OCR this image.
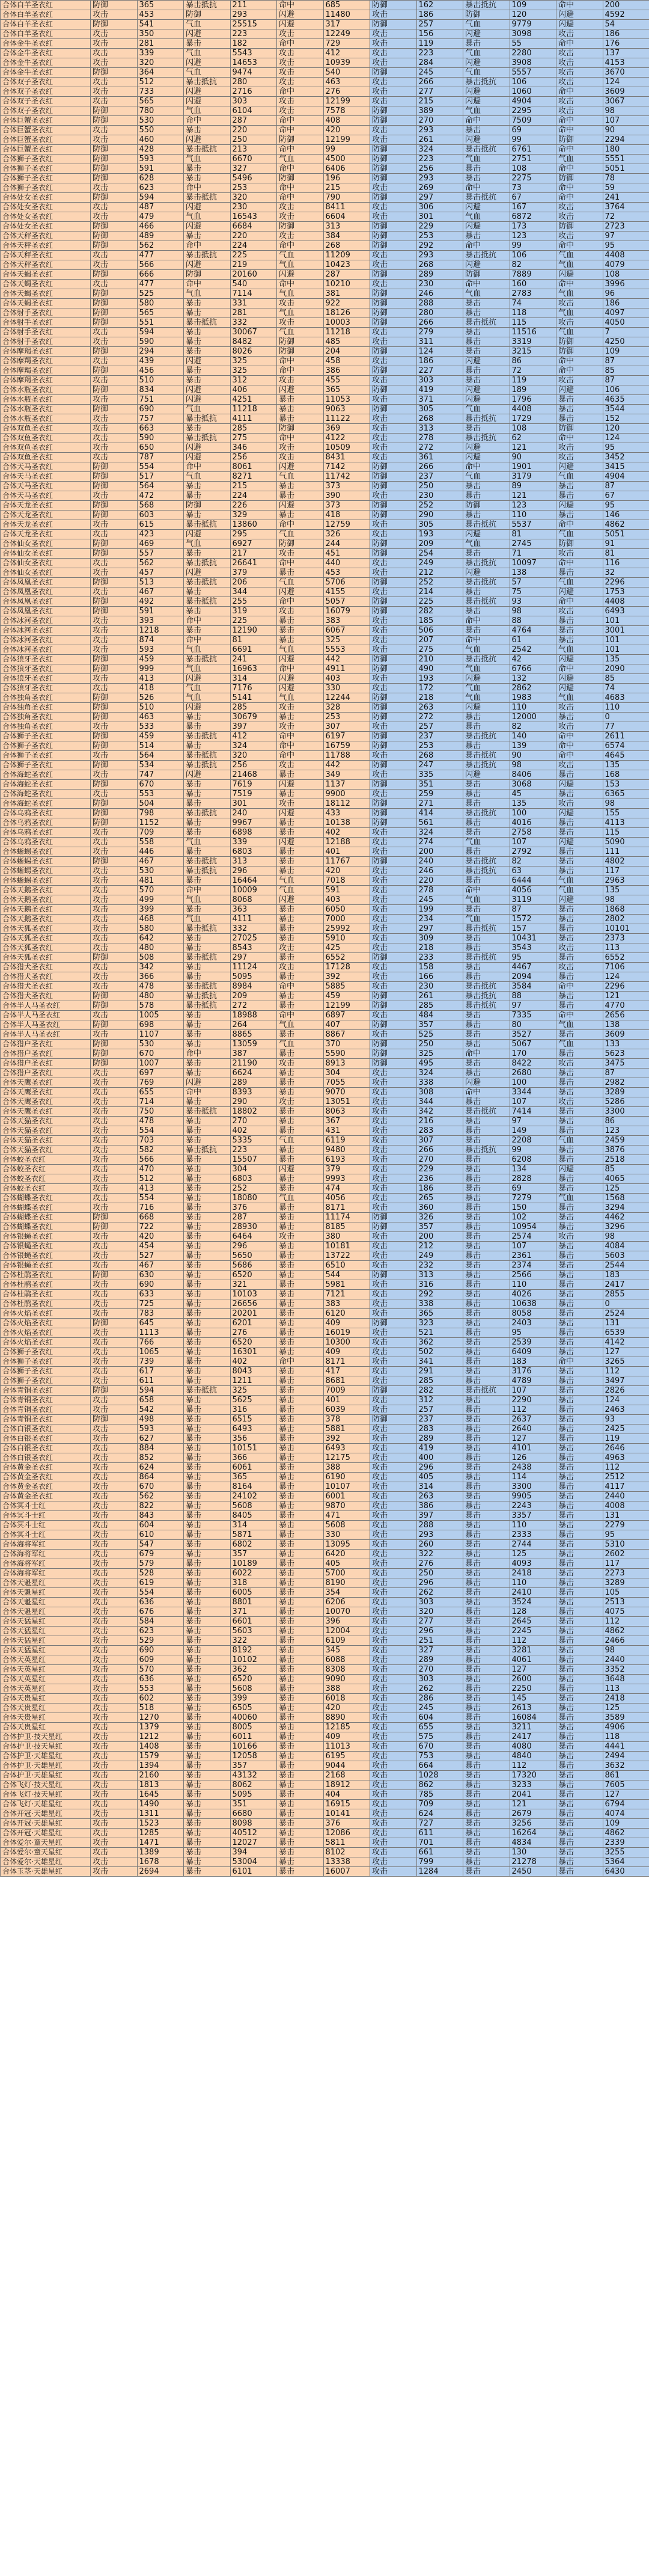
合体白羊圣衣红	防御	365	暴击抵抗	211	命中	685	防御	162	暴击抵抗	109	命中	200
合体白羊圣衣红	攻击	453	防御	293	闪避	11480	攻击	186	防御	120	闪避	4592
合体白羊圣衣红	防御	541	气血	25515	闪避	317	防御	257	气血	9779	闪避	54
合体白羊圣衣红	攻击	350	闪避	223	攻击	12249	攻击	156	闪避	3098	攻击	186
合体金牛圣衣红	攻击	281	暴击	182	命中	729	攻击	119	暴击	55	命中	176
合体金牛圣衣红	攻击	339	气血	5543	攻击	412	攻击	223	气血	2280	攻击	137
合体金牛圣衣红	攻击	320	闪避	14653	攻击	10939	攻击	284	闪避	3908	攻击	4153
合体金牛圣衣红	防御	364	气血	9474	攻击	540	防御	245	气血	5557	攻击	3670
合体双子圣衣红	攻击	512	暴击抵抗	280	攻击	463	攻击	266	暴击抵抗	106	攻击	124
合体双子圣衣红	攻击	733	闪避	2716	命中	276	攻击	277	闪避	1060	命中	3609
合体双子圣衣红	攻击	565	闪避	303	攻击	12199	攻击	215	闪避	4904	攻击	3067
合体双子圣衣红	防御	780	气血	6104	攻击	7578	防御	389	气血	2295	攻击	98
合体巨蟹圣衣红	防御	530	命中	287	命中	408	防御	270	命中	7509	命中	107
合体巨蟹圣衣红	攻击	550	暴击	220	命中	420	攻击	293	暴击	69	命中	90
合体巨蟹圣衣红	攻击	460	闪避	250	防御	12199	攻击	261	闪避	99	防御	2294
合体巨蟹圣衣红	防御	428	暴击抵抗	213	命中	99	防御	324	暴击抵抗	6761	命中	180
合体狮子圣衣红	防御	593	气血	6670	气血	4500	防御	223	气血	2751	气血	5551
合体狮子圣衣红	防御	591	暴击	327	命中	6406	防御	256	暴击	108	命中	5051
合体狮子圣衣红	防御	628	暴击	5496	防御	196	防御	293	暴击	2275	防御	78
合体狮子圣衣红	攻击	623	命中	253	命中	215	攻击	269	命中	73	命中	59
合体处女圣衣红	防御	594	暴击抵抗	320	命中	790	防御	297	暴击抵抗	67	命中	241
合体处女圣衣红	攻击	487	闪避	230	攻击	8411	攻击	306	闪避	167	攻击	3764
合体处女圣衣红	攻击	479	气血	16543	攻击	6604	攻击	301	气血	6872	攻击	72
合体处女圣衣红	防御	466	闪避	6684	防御	313	防御	229	闪避	173	防御	2723
合体天秤圣衣红	防御	489	暴击	220	攻击	384	防御	253	暴击	123	攻击	97
合体天秤圣衣红	防御	562	命中	224	命中	268	防御	292	命中	99	命中	95
合体天秤圣衣红	攻击	477	暴击抵抗	225	气血	11209	攻击	293	暴击抵抗	106	气血	4408
合体天秤圣衣红	攻击	566	闪避	219	气血	10423	攻击	268	闪避	82	气血	4079
合体天蝎圣衣红	防御	666	防御	20160	闪避	287	防御	289	防御	7889	闪避	108
合体天蝎圣衣红	攻击	477	命中	540	命中	10210	攻击	230	命中	160	命中	3996
合体天蝎圣衣红	防御	525	气血	7114	气血	381	防御	246	气血	2783	气血	96
合体天蝎圣衣红	防御	580	暴击	331	攻击	922	防御	288	暴击	74	攻击	186
合体射手圣衣红	防御	565	暴击	281	气血	18126	防御	280	暴击	118	气血	4097
合体射手圣衣红	防御	551	暴击抵抗	332	攻击	10003	防御	266	暴击抵抗	115	攻击	4050
合体射手圣衣红	攻击	594	暴击	30067	气血	11218	攻击	279	暴击	11516	气血	7
合体射手圣衣红	攻击	590	暴击	8482	防御	485	攻击	311	暴击	3319	防御	4250
合体摩羯圣衣红	防御	294	暴击	8026	防御	204	防御	124	暴击	3215	防御	109
合体摩羯圣衣红	攻击	439	闪避	325	命中	458	攻击	186	闪避	86	命中	87
合体摩羯圣衣红	防御	456	暴击	325	命中	386	防御	227	暴击	72	命中	85
合体摩羯圣衣红	攻击	510	暴击	312	攻击	455	攻击	303	暴击	119	攻击	87
合体水瓶圣衣红	防御	834	闪避	406	闪避	365	防御	419	闪避	189	闪避	106
合体水瓶圣衣红	攻击	751	闪避	4251	暴击	11053	攻击	371	闪避	1796	暴击	4635
合体水瓶圣衣红	防御	690	气血	11218	暴击	9063	防御	305	气血	4408	暴击	3544
合体水瓶圣衣红	攻击	757	暴击抵抗	4111	暴击	11122	攻击	268	暴击抵抗	1729	暴击	152
合体双鱼圣衣红	攻击	663	暴击	285	防御	369	攻击	313	暴击	108	防御	120
合体双鱼圣衣红	攻击	590	暴击抵抗	275	命中	4122	攻击	278	暴击抵抗	62	命中	124
合体双鱼圣衣红	攻击	650	闪避	346	攻击	10509	攻击	272	闪避	121	攻击	95
合体双鱼圣衣红	攻击	787	闪避	256	攻击	8431	攻击	361	闪避	90	攻击	3452
合体天马圣衣红	防御	554	命中	8061	闪避	7142	防御	266	命中	1901	闪避	3415
合体天马圣衣红	防御	517	气血	8271	气血	11742	防御	237	气血	3179	气血	4904
合体天马圣衣红	防御	564	暴击	215	暴击	373	防御	250	暴击	89	暴击	87
合体天马圣衣红	攻击	472	暴击	224	暴击	390	攻击	230	暴击	121	暴击	67
合体天龙圣衣红	防御	568	防御	226	闪避	373	防御	252	防御	123	闪避	95
合体天龙圣衣红	防御	603	暴击	329	暴击	418	防御	290	暴击	110	暴击	146
合体天龙圣衣红	攻击	615	暴击抵抗	13860	命中	12759	攻击	305	暴击抵抗	5537	命中	4862
合体天龙圣衣红	攻击	423	闪避	295	气血	326	攻击	193	闪避	81	气血	5051
合体仙女圣衣红	防御	469	气血	6927	防御	244	防御	209	气血	2745	防御	91
合体仙女圣衣红	防御	557	暴击	217	攻击	451	防御	254	暴击	71	攻击	81
合体仙女圣衣红	攻击	562	暴击抵抗	26641	命中	440	攻击	249	暴击抵抗	10097	命中	116
合体仙女圣衣红	攻击	457	闪避	379	暴击	453	攻击	212	闪避	138	暴击	32
合体凤凰圣衣红	防御	513	暴击抵抗	206	气血	5706	防御	252	暴击抵抗	57	气血	2296
合体凤凰圣衣红	攻击	467	暴击	344	闪避	4155	攻击	214	暴击	75	闪避	1753
合体凤凰圣衣红	防御	492	暴击抵抗	255	命中	5057	防御	225	暴击抵抗	93	命中	4408
合体凤凰圣衣红	防御	591	暴击	319	攻击	16079	防御	282	暴击	98	攻击	6493
合体冰河圣衣红	攻击	393	命中	225	暴击	383	攻击	185	命中	88	暴击	101
合体冰河圣衣红	攻击	1218	暴击	12190	暴击	6067	攻击	506	暴击	4764	暴击	3001
合体冰河圣衣红	攻击	874	命中	81	暴击	325	攻击	207	命中	61	暴击	101
合体冰河圣衣红	攻击	593	气血	6691	气血	5553	攻击	275	气血	2542	气血	101
合体狼牙圣衣红	防御	459	暴击抵抗	241	闪避	442	防御	210	暴击抵抗	42	闪避	135
合体狼牙圣衣红	防御	999	气血	16963	命中	4911	防御	490	气血	6766	命中	2090
合体狼牙圣衣红	攻击	413	闪避	314	闪避	403	攻击	193	闪避	132	闪避	85
合体狼牙圣衣红	攻击	418	气血	7176	闪避	330	攻击	172	气血	2862	闪避	74
合体独角圣衣红	防御	526	气血	5141	气血	12244	防御	218	气血	1983	气血	4683
合体独角圣衣红	防御	510	闪避	285	攻击	328	防御	263	闪避	110	攻击	110
合体独角圣衣红	防御	463	暴击	30679	暴击	253	防御	272	暴击	12000	暴击	0
合体独角圣衣红	攻击	533	暴击	397	攻击	307	攻击	257	暴击	82	攻击	77
合体狮子圣衣红	防御	459	暴击抵抗	412	命中	6197	防御	237	暴击抵抗	140	命中	2611
合体狮子圣衣红	防御	514	暴击	324	命中	16759	防御	253	暴击	139	命中	6574
合体狮子圣衣红	攻击	564	暴击抵抗	320	命中	11788	攻击	268	暴击抵抗	90	命中	4645
合体狮子圣衣红	防御	534	暴击抵抗	256	攻击	442	防御	247	暴击抵抗	98	攻击	135
合体海蛇圣衣红	攻击	747	闪避	21468	暴击	349	攻击	335	闪避	8406	暴击	168
合体海蛇圣衣红	防御	670	暴击	7619	闪避	1137	防御	351	暴击	3068	闪避	153
合体海蛇圣衣红	攻击	553	暴击	7519	暴击	9900	攻击	259	暴击	45	暴击	6365
合体海蛇圣衣红	防御	504	暴击	301	攻击	18112	防御	271	暴击	135	攻击	98
合体乌鸦圣衣红	防御	798	暴击抵抗	240	闪避	433	防御	414	暴击抵抗	100	闪避	155
合体乌鸦圣衣红	防御	1152	暴击	9967	暴击	10138	防御	561	暴击	4016	暴击	4113
合体乌鸦圣衣红	攻击	709	暴击	6898	暴击	402	攻击	324	暴击	2758	暴击	115
合体乌鸦圣衣红	攻击	558	气血	339	闪避	12188	攻击	274	气血	107	闪避	5090
合体蜥蜴圣衣红	攻击	446	暴击	6803	暴击	401	攻击	200	暴击	2792	暴击	111
合体蜥蜴圣衣红	防御	467	暴击抵抗	313	暴击	11767	防御	240	暴击抵抗	82	暴击	4802
合体蜥蜴圣衣红	攻击	530	暴击抵抗	296	暴击	420	攻击	246	暴击抵抗	63	暴击	117
合体蜥蜴圣衣红	攻击	481	暴击	16464	气血	7018	攻击	220	暴击	6444	气血	2963
合体天鹅圣衣红	攻击	570	命中	10009	气血	591	攻击	278	命中	4056	气血	135
合体天鹅圣衣红	攻击	499	气血	8068	闪避	403	攻击	245	气血	3119	闪避	98
合体天鹅圣衣红	攻击	399	暴击	363	暴击	6050	攻击	199	暴击	87	暴击	1868
合体天鹅圣衣红	攻击	468	气血	4111	暴击	7000	攻击	234	气血	1572	暴击	2802
合体天狐圣衣红	攻击	580	暴击抵抗	332	暴击	25992	攻击	297	暴击抵抗	157	暴击	10101
合体天狐圣衣红	攻击	642	暴击	27025	暴击	5910	攻击	309	暴击	10431	暴击	2373
合体天狐圣衣红	攻击	480	暴击	8543	攻击	425	攻击	218	暴击	3543	攻击	113
合体天狐圣衣红	防御	508	暴击抵抗	297	暴击	6552	防御	233	暴击抵抗	95	暴击	6552
合体猎犬圣衣红	攻击	342	暴击	11124	攻击	17128	攻击	158	暴击	4467	攻击	7106
合体猎犬圣衣红	攻击	366	暴击	5095	暴击	392	攻击	166	暴击	2094	暴击	124
合体猎犬圣衣红	攻击	478	暴击抵抗	8984	命中	5885	攻击	230	暴击抵抗	3584	命中	2296
合体猎犬圣衣红	防御	480	暴击抵抗	209	暴击	459	防御	261	暴击抵抗	88	暴击	121
合体半人马圣衣红	防御	578	暴击抵抗	272	暴击	12199	防御	285	暴击抵抗	97	暴击	4770
合体半人马圣衣红	攻击	1005	暴击	18988	命中	6897	攻击	484	暴击	7335	命中	2656
合体半人马圣衣红	防御	698	暴击	264	气血	407	防御	357	暴击	80	气血	138
合体半人马圣衣红	攻击	1107	暴击	8865	暴击	8867	攻击	525	暴击	3527	暴击	3609
合体猎户圣衣红	防御	530	暴击	13059	气血	370	防御	250	暴击	5067	气血	133
合体猎户圣衣红	防御	670	命中	387	暴击	5590	防御	325	命中	170	暴击	5623
合体猎户圣衣红	防御	1007	暴击	21190	攻击	8913	防御	495	暴击	8422	攻击	3475
合体猎户圣衣红	攻击	697	暴击	6624	暴击	304	攻击	324	暴击	2680	暴击	87
合体天鹰圣衣红	攻击	769	闪避	289	暴击	7055	攻击	338	闪避	100	暴击	2982
合体天鹰圣衣红	攻击	655	命中	8393	暴击	9070	攻击	308	命中	3344	暴击	3289
合体天鹰圣衣红	攻击	714	暴击	290	攻击	13051	攻击	344	暴击	107	攻击	5286
合体天鹰圣衣红	攻击	750	暴击抵抗	18802	暴击	8063	攻击	342	暴击抵抗	7414	暴击	3300
合体天猫圣衣红	攻击	478	暴击	270	暴击	367	攻击	216	暴击	97	暴击	86
合体天猫圣衣红	攻击	554	暴击	402	暴击	431	攻击	283	暴击	149	暴击	123
合体天猫圣衣红	攻击	703	暴击	5335	气血	6119	攻击	307	暴击	2208	气血	2459
合体天猫圣衣红	攻击	582	暴击抵抗	223	暴击	9480	攻击	266	暴击抵抗	99	暴击	3876
合体蛟圣衣红	攻击	566	暴击	15507	暴击	6193	攻击	270	暴击	6208	暴击	2518
合体蛟圣衣红	攻击	470	暴击	304	闪避	379	攻击	229	暴击	134	闪避	85
合体蛟圣衣红	攻击	512	暴击	6803	暴击	9993	攻击	236	暴击	2828	暴击	4065
合体蛟圣衣红	攻击	413	暴击	252	暴击	474	攻击	186	暴击	69	暴击	125
合体蝴蝶圣衣红	攻击	554	暴击	18080	气血	4056	攻击	265	暴击	7279	气血	1568
合体蝴蝶圣衣红	攻击	716	暴击	376	暴击	8171	攻击	360	暴击	150	暴击	3294
合体蝴蝶圣衣红	防御	668	暴击	287	暴击	11174	防御	326	暴击	102	暴击	4462
合体蝴蝶圣衣红	防御	722	暴击	28930	暴击	8185	防御	357	暴击	10954	暴击	3296
合体银蝇圣衣红	攻击	420	暴击	6464	攻击	380	攻击	200	暴击	2574	攻击	98
合体银蝇圣衣红	攻击	454	暴击	296	暴击	10181	攻击	212	暴击	107	暴击	4084
合体银蝇圣衣红	攻击	527	暴击	5650	暴击	13722	攻击	249	暴击	2361	暴击	5603
合体银蝇圣衣红	攻击	467	暴击	5686	暴击	6510	攻击	232	暴击	2374	暴击	2544
合体杜鹃圣衣红	防御	630	暴击	6520	暴击	544	防御	313	暴击	2566	暴击	183
合体杜鹃圣衣红	攻击	690	暴击	321	暴击	5981	攻击	316	暴击	110	暴击	2417
合体杜鹃圣衣红	攻击	633	暴击	10103	暴击	7121	攻击	292	暴击	4026	暴击	2855
合体杜鹃圣衣红	攻击	725	暴击	26656	暴击	383	攻击	338	暴击	10638	暴击	0
合体火焰圣衣红	攻击	783	暴击	20201	暴击	6120	攻击	365	暴击	8058	暴击	2524
合体火焰圣衣红	防御	645	暴击	6201	暴击	409	防御	323	暴击	2403	暴击	131
合体火焰圣衣红	攻击	1113	暴击	276	暴击	16019	攻击	521	暴击	95	暴击	6539
合体火焰圣衣红	攻击	766	暴击	6520	暴击	10300	攻击	362	暴击	2539	暴击	4142
合体狮子圣衣红	攻击	1065	暴击	16301	暴击	409	攻击	502	暴击	6409	暴击	127
合体狮子圣衣红	攻击	739	暴击	402	命中	8171	攻击	341	暴击	183	命中	3265
合体狮子圣衣红	攻击	617	暴击	8043	暴击	417	攻击	291	暴击	3176	暴击	112
合体狮子圣衣红	攻击	611	暴击	1211	暴击	8681	攻击	285	暴击	4789	暴击	3497
合体青铜圣衣红	防御	594	暴击抵抗	325	暴击	7009	防御	282	暴击抵抗	107	暴击	2826
合体青铜圣衣红	攻击	658	暴击	5625	暴击	401	攻击	312	暴击	2290	暴击	124
合体青铜圣衣红	攻击	542	暴击	316	暴击	6039	攻击	257	暴击	112	暴击	2463
合体青铜圣衣红	防御	498	暴击	6515	暴击	378	防御	237	暴击	2637	暴击	93
合体白银圣衣红	攻击	593	暴击	6493	暴击	5881	攻击	283	暴击	2640	暴击	2425
合体白银圣衣红	攻击	627	暴击	356	暴击	392	攻击	289	暴击	127	暴击	119
合体白银圣衣红	攻击	884	暴击	10151	暴击	6493	攻击	419	暴击	4101	暴击	2646
合体白银圣衣红	攻击	852	暴击	366	暴击	12175	攻击	400	暴击	126	暴击	4963
合体黄金圣衣红	攻击	624	暴击	6061	暴击	388	攻击	296	暴击	2438	暴击	112
合体黄金圣衣红	攻击	864	暴击	365	暴击	6190	攻击	405	暴击	114	暴击	2512
合体黄金圣衣红	攻击	670	暴击	8164	暴击	10107	攻击	314	暴击	3300	暴击	4117
合体黄金圣衣红	攻击	562	暴击	24102	暴击	6001	攻击	263	暴击	9905	暴击	2440
合体冥斗士红	攻击	822	暴击	5608	暴击	9870	攻击	386	暴击	2243	暴击	4008
合体冥斗士红	攻击	843	暴击	8405	暴击	471	攻击	397	暴击	3357	暴击	131
合体冥斗士红	攻击	604	暴击	314	暴击	5608	攻击	288	暴击	110	暴击	2279
合体冥斗士红	攻击	610	暴击	5871	暴击	330	攻击	293	暴击	2333	暴击	95
合体海将军红	攻击	547	暴击	6802	暴击	13095	攻击	260	暴击	2744	暴击	5310
合体海将军红	攻击	679	暴击	357	暴击	6420	攻击	322	暴击	125	暴击	2602
合体海将军红	攻击	579	暴击	10189	暴击	405	攻击	276	暴击	4093	暴击	117
合体海将军红	攻击	528	暴击	6022	暴击	5700	攻击	250	暴击	2418	暴击	2273
合体天魁星红	攻击	619	暴击	318	暴击	8190	攻击	296	暴击	110	暴击	3289
合体天魁星红	攻击	554	暴击	6005	暴击	354	攻击	262	暴击	2410	暴击	105
合体天魁星红	攻击	636	暴击	8801	暴击	6206	攻击	303	暴击	3524	暴击	2513
合体天魁星红	攻击	676	暴击	371	暴击	10070	攻击	320	暴击	128	暴击	4075
合体天猛星红	攻击	584	暴击	6601	暴击	396	攻击	277	暴击	2645	暴击	112
合体天猛星红	攻击	623	暴击	5603	暴击	12004	攻击	296	暴击	2245	暴击	4862
合体天猛星红	攻击	529	暴击	322	暴击	6109	攻击	251	暴击	112	暴击	2466
合体天猛星红	攻击	690	暴击	8192	暴击	345	攻击	327	暴击	3281	暴击	98
合体天英星红	攻击	609	暴击	10102	暴击	6088	攻击	289	暴击	4061	暴击	2440
合体天英星红	攻击	570	暴击	362	暴击	8308	攻击	270	暴击	127	暴击	3352
合体天英星红	攻击	636	暴击	6520	暴击	9090	攻击	303	暴击	2600	暴击	3648
合体天英星红	攻击	553	暴击	5608	暴击	388	攻击	262	暴击	2250	暴击	113
合体天贵星红	攻击	602	暴击	399	暴击	6018	攻击	286	暴击	145	暴击	2418
合体天贵星红	攻击	518	暴击	6505	暴击	420	攻击	245	暴击	2613	暴击	125
合体天贵星红	攻击	1270	暴击	40060	暴击	8890	攻击	604	暴击	16084	暴击	3589
合体天贵星红	攻击	1379	暴击	8005	暴击	12185	攻击	655	暴击	3211	暴击	4906
合体护卫·技天星红	攻击	1212	暴击	6011	暴击	409	攻击	575	暴击	2417	暴击	118
合体护卫·技天星红	攻击	1408	暴击	10166	暴击	11013	攻击	670	暴击	4080	暴击	4441
合体护卫·天雄星红	攻击	1579	暴击	12058	暴击	6195	攻击	753	暴击	4840	暴击	2494
合体护卫·天雄星红	攻击	1394	暴击	357	暴击	9044	攻击	664	暴击	112	暴击	3632
合体护卫·天雄星红	攻击	2160	暴击	43132	暴击	2168	攻击	1028	暴击	17320	暴击	861
合体飞灯·技天星红	攻击	1813	暴击	8062	暴击	18912	攻击	862	暴击	3233	暴击	7605
合体飞灯·技天星红	攻击	1645	暴击	5095	暴击	404	攻击	785	暴击	2041	暴击	127
合体飞灯·天雄星红	攻击	1490	暴击	351	暴击	16915	攻击	709	暴击	121	暴击	6794
合体开冠·天雄星红	攻击	1311	暴击	6680	暴击	10141	攻击	624	暴击	2679	暴击	4074
合体开冠·天雄星红	攻击	1523	暴击	8098	暴击	376	攻击	727	暴击	3256	暴击	109
合体开冠·天雄星红	攻击	1285	暴击	40512	暴击	12086	攻击	611	暴击	16264	暴击	4862
合体爱尔·童天星红	攻击	1471	暴击	12027	暴击	5811	攻击	701	暴击	4834	暴击	2339
合体爱尔·童天星红	攻击	1389	暴击	394	暴击	8102	攻击	661	暴击	130	暴击	3255
合体爱尔·天雄星红	攻击	1678	暴击	53004	暴击	13338	攻击	799	暴击	21278	暴击	5364
合体玉茎·天雄星红	攻击	2694	暴击	6101	暴击	16007	攻击	1284	暴击	2450	暴击	6430
